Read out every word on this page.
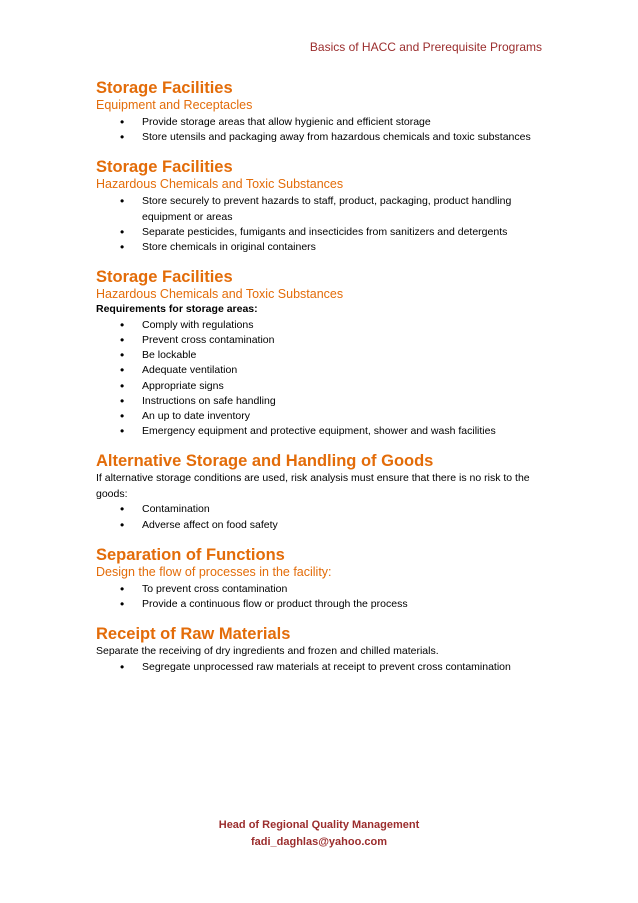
Basics of HACC and Prerequisite Programs
Storage Facilities
Equipment and Receptacles
• Provide storage areas that allow hygienic and efficient storage
• Store utensils and packaging away from hazardous chemicals and toxic substances
Storage Facilities
Hazardous Chemicals and Toxic Substances
• Store securely to prevent hazards to staff, product, packaging, product handling equipment or areas
• Separate pesticides, fumigants and insecticides from sanitizers and detergents
• Store chemicals in original containers
Storage Facilities
Hazardous Chemicals and Toxic Substances
Requirements for storage areas:
• Comply with regulations
• Prevent cross contamination
• Be lockable
• Adequate ventilation
• Appropriate signs
• Instructions on safe handling
• An up to date inventory
• Emergency equipment and protective equipment, shower and wash facilities
Alternative Storage and Handling of Goods
If alternative storage conditions are used, risk analysis must ensure that there is no risk to the goods:
• Contamination
• Adverse affect on food safety
Separation of Functions
Design the flow of processes in the facility:
• To prevent cross contamination
• Provide a continuous flow or product through the process
Receipt of Raw Materials
Separate the receiving of dry ingredients and frozen and chilled materials.
• Segregate unprocessed raw materials at receipt to prevent cross contamination
Head of Regional Quality Management
fadi_daghlas@yahoo.com
